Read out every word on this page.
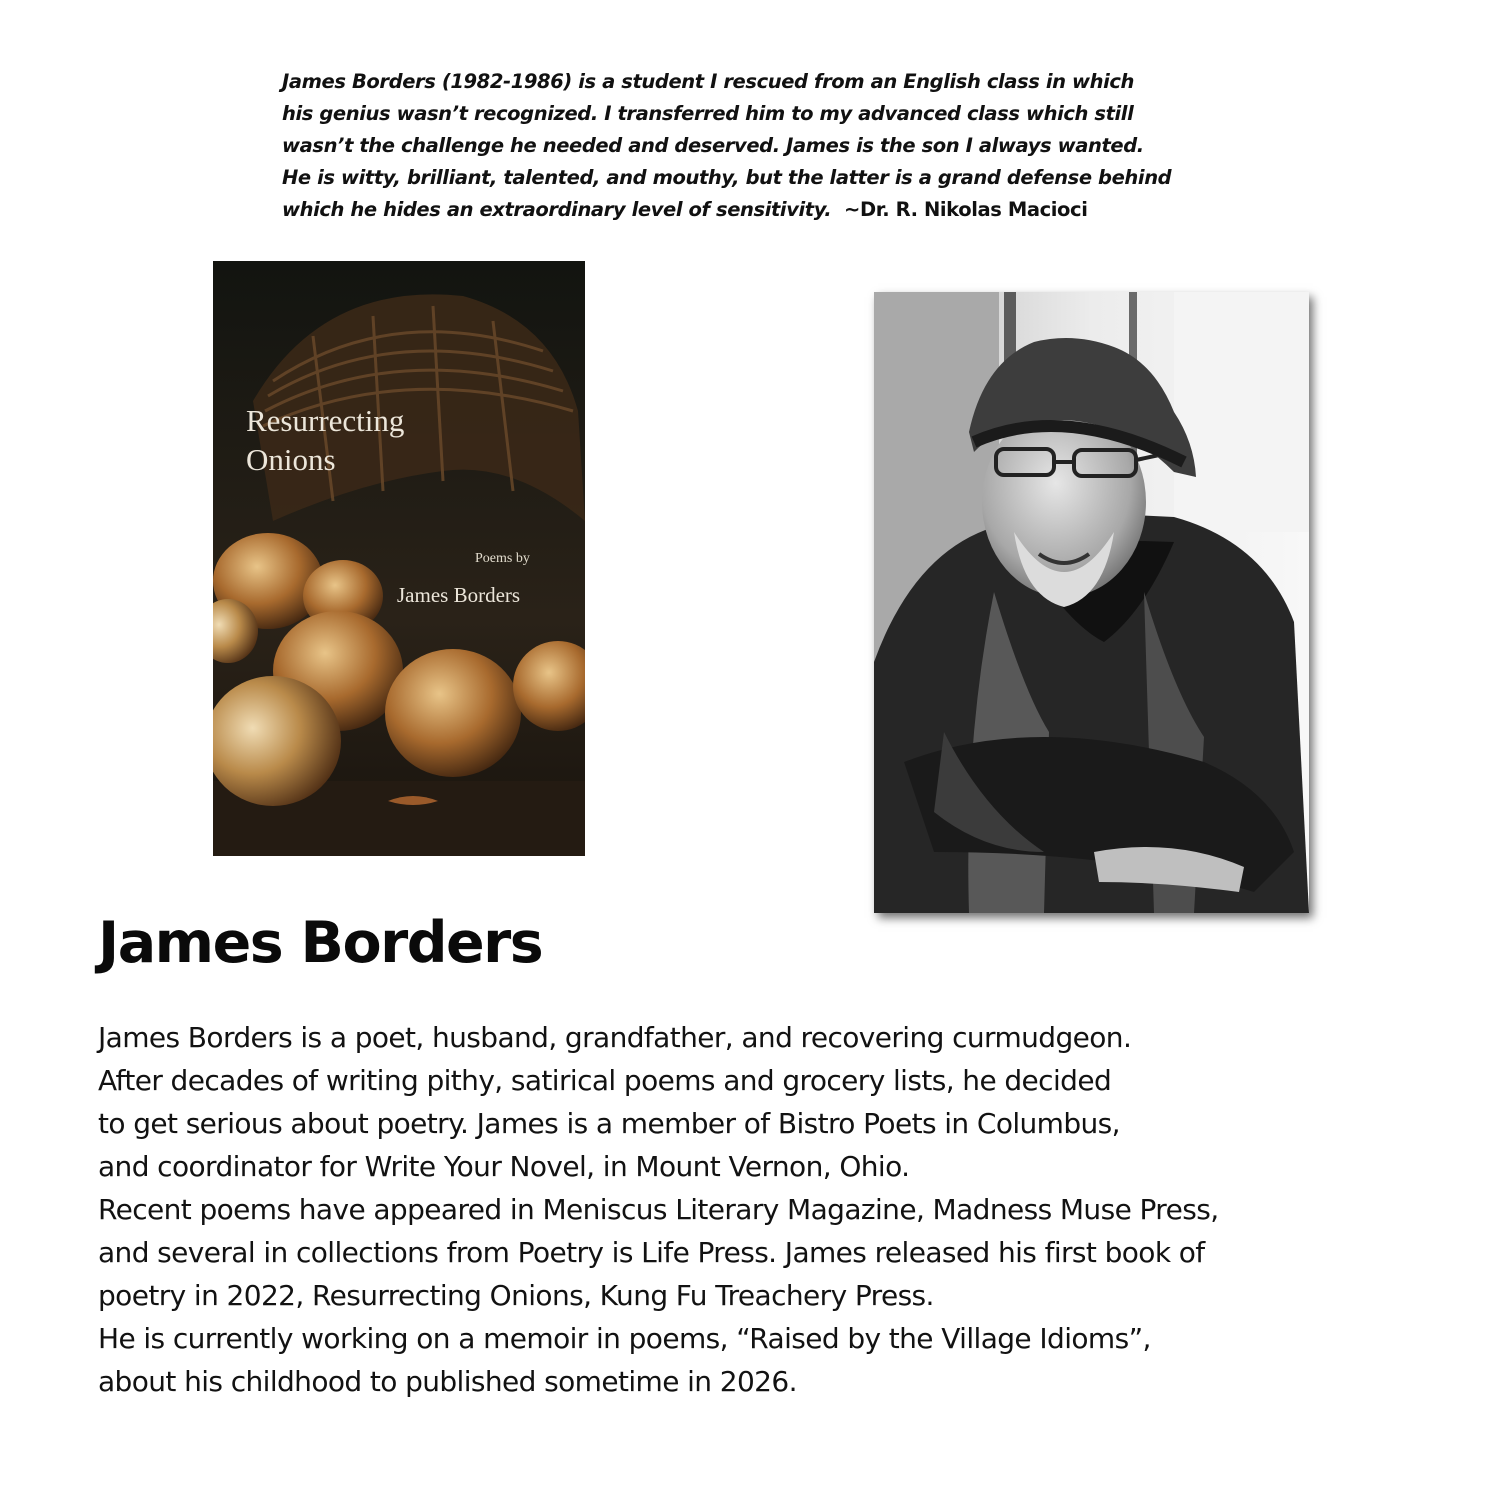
James Borders (1982-1986) is a student I rescued from an English class in which
his genius wasn’t recognized. I transferred him to my advanced class which still
wasn’t the challenge he needed and deserved. James is the son I always wanted.
He is witty, brilliant, talented, and mouthy, but the latter is a grand defense behind
which he hides an extraordinary level of sensitivity. ~Dr. R. Nikolas Macioci
Resurrecting
Onions
Poems by
James Borders
James Borders
James Borders is a poet, husband, grandfather, and recovering curmudgeon.
After decades of writing pithy, satirical poems and grocery lists, he decided
to get serious about poetry. James is a member of Bistro Poets in Columbus,
and coordinator for Write Your Novel, in Mount Vernon, Ohio.
Recent poems have appeared in Meniscus Literary Magazine, Madness Muse Press,
and several in collections from Poetry is Life Press. James released his first book of
poetry in 2022, Resurrecting Onions, Kung Fu Treachery Press.
He is currently working on a memoir in poems, “Raised by the Village Idioms”,
about his childhood to published sometime in 2026.
